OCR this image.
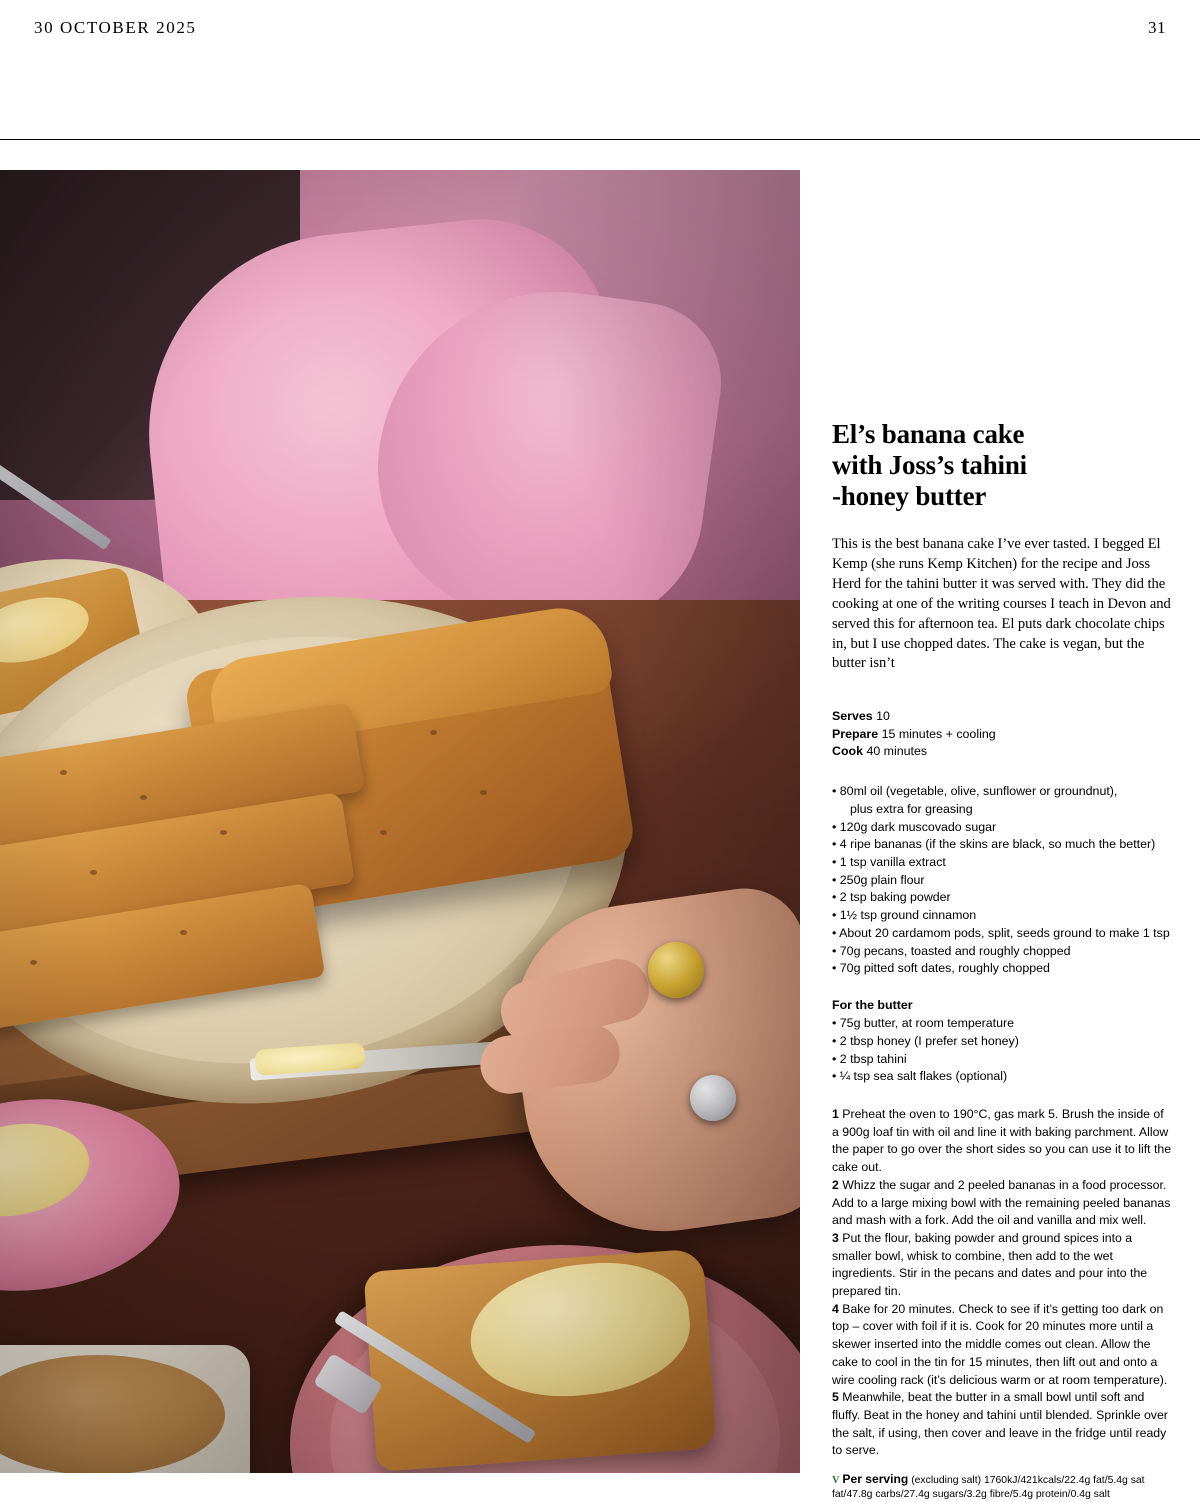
30 OCTOBER 2025	31
El’s banana cake
with Joss’s tahini
-honey butter
This is the best banana cake I’ve ever tasted. I begged El Kemp (she runs Kemp Kitchen) for the recipe and Joss Herd for the tahini butter it was served with. They did the cooking at one of the writing courses I teach in Devon and served this for afternoon tea. El puts dark chocolate chips in, but I use chopped dates. The cake is vegan, but the butter isn’t
Serves 10
Prepare 15 minutes + cooling
Cook 40 minutes
• 80ml oil (vegetable, olive, sunflower or groundnut),
plus extra for greasing
• 120g dark muscovado sugar
• 4 ripe bananas (if the skins are black, so much the better)
• 1 tsp vanilla extract
• 250g plain flour
• 2 tsp baking powder
• 1½ tsp ground cinnamon
• About 20 cardamom pods, split, seeds ground to make 1 tsp
• 70g pecans, toasted and roughly chopped
• 70g pitted soft dates, roughly chopped
For the butter
• 75g butter, at room temperature
• 2 tbsp honey (I prefer set honey)
• 2 tbsp tahini
• ¼ tsp sea salt flakes (optional)

1 Preheat the oven to 190°C, gas mark 5. Brush the inside of a 900g loaf tin with oil and line it with baking parchment. Allow the paper to go over the short sides so you can use it to lift the cake out.

2 Whizz the sugar and 2 peeled bananas in a food processor. Add to a large mixing bowl with the remaining peeled bananas and mash with a fork. Add the oil and vanilla and mix well.

3 Put the flour, baking powder and ground spices into a smaller bowl, whisk to combine, then add to the wet ingredients. Stir in the pecans and dates and pour into the prepared tin.

4 Bake for 20 minutes. Check to see if it’s getting too dark on top – cover with foil if it is. Cook for 20 minutes more until a skewer inserted into the middle comes out clean. Allow the cake to cool in the tin for 15 minutes, then lift out and onto a wire cooling rack (it’s delicious warm or at room temperature).

5 Meanwhile, beat the butter in a small bowl until soft and fluffy. Beat in the honey and tahini until blended. Sprinkle over the salt, if using, then cover and leave in the fridge until ready to serve.

V Per serving (excluding salt) 1760kJ/421kcals/22.4g fat/5.4g sat fat/47.8g carbs/27.4g sugars/3.2g fibre/5.4g protein/0.4g salt
